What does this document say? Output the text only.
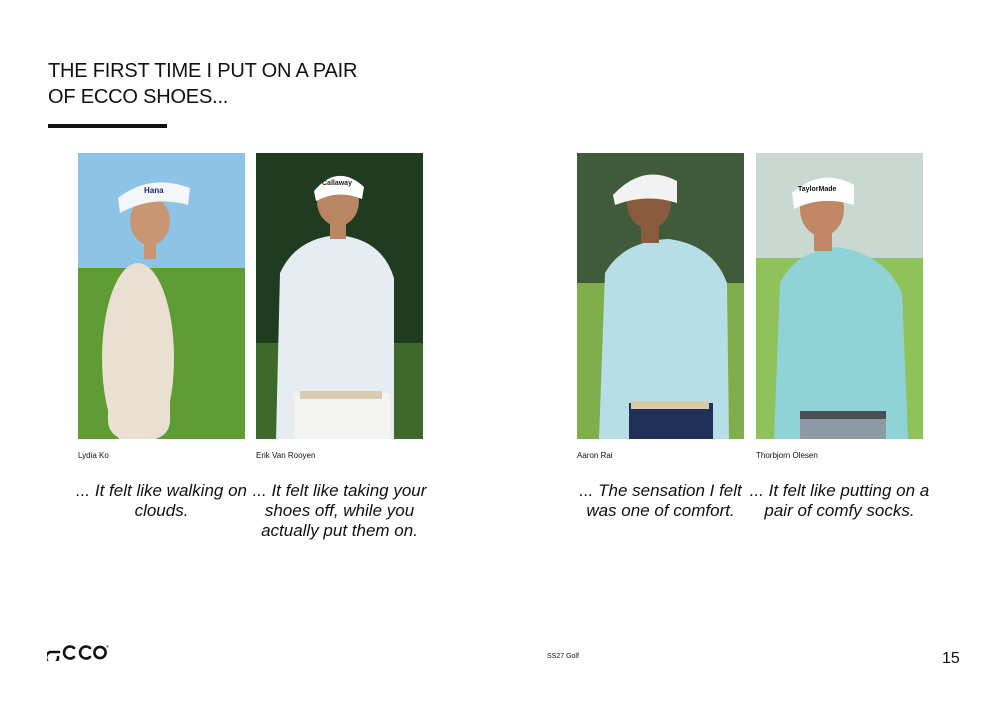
THE FIRST TIME I PUT ON A PAIR
OF ECCO SHOES...
Hana
Lydia Ko

... It felt like walking on clouds.

Callaway
Erik Van Rooyen

... It felt like taking your shoes off, while you actually put them on.

Aaron Rai

... The sensation I felt was one of comfort.

TaylorMade
Thorbjorn Olesen

... It felt like putting on a pair of comfy socks.

®
SS27 Golf	15
